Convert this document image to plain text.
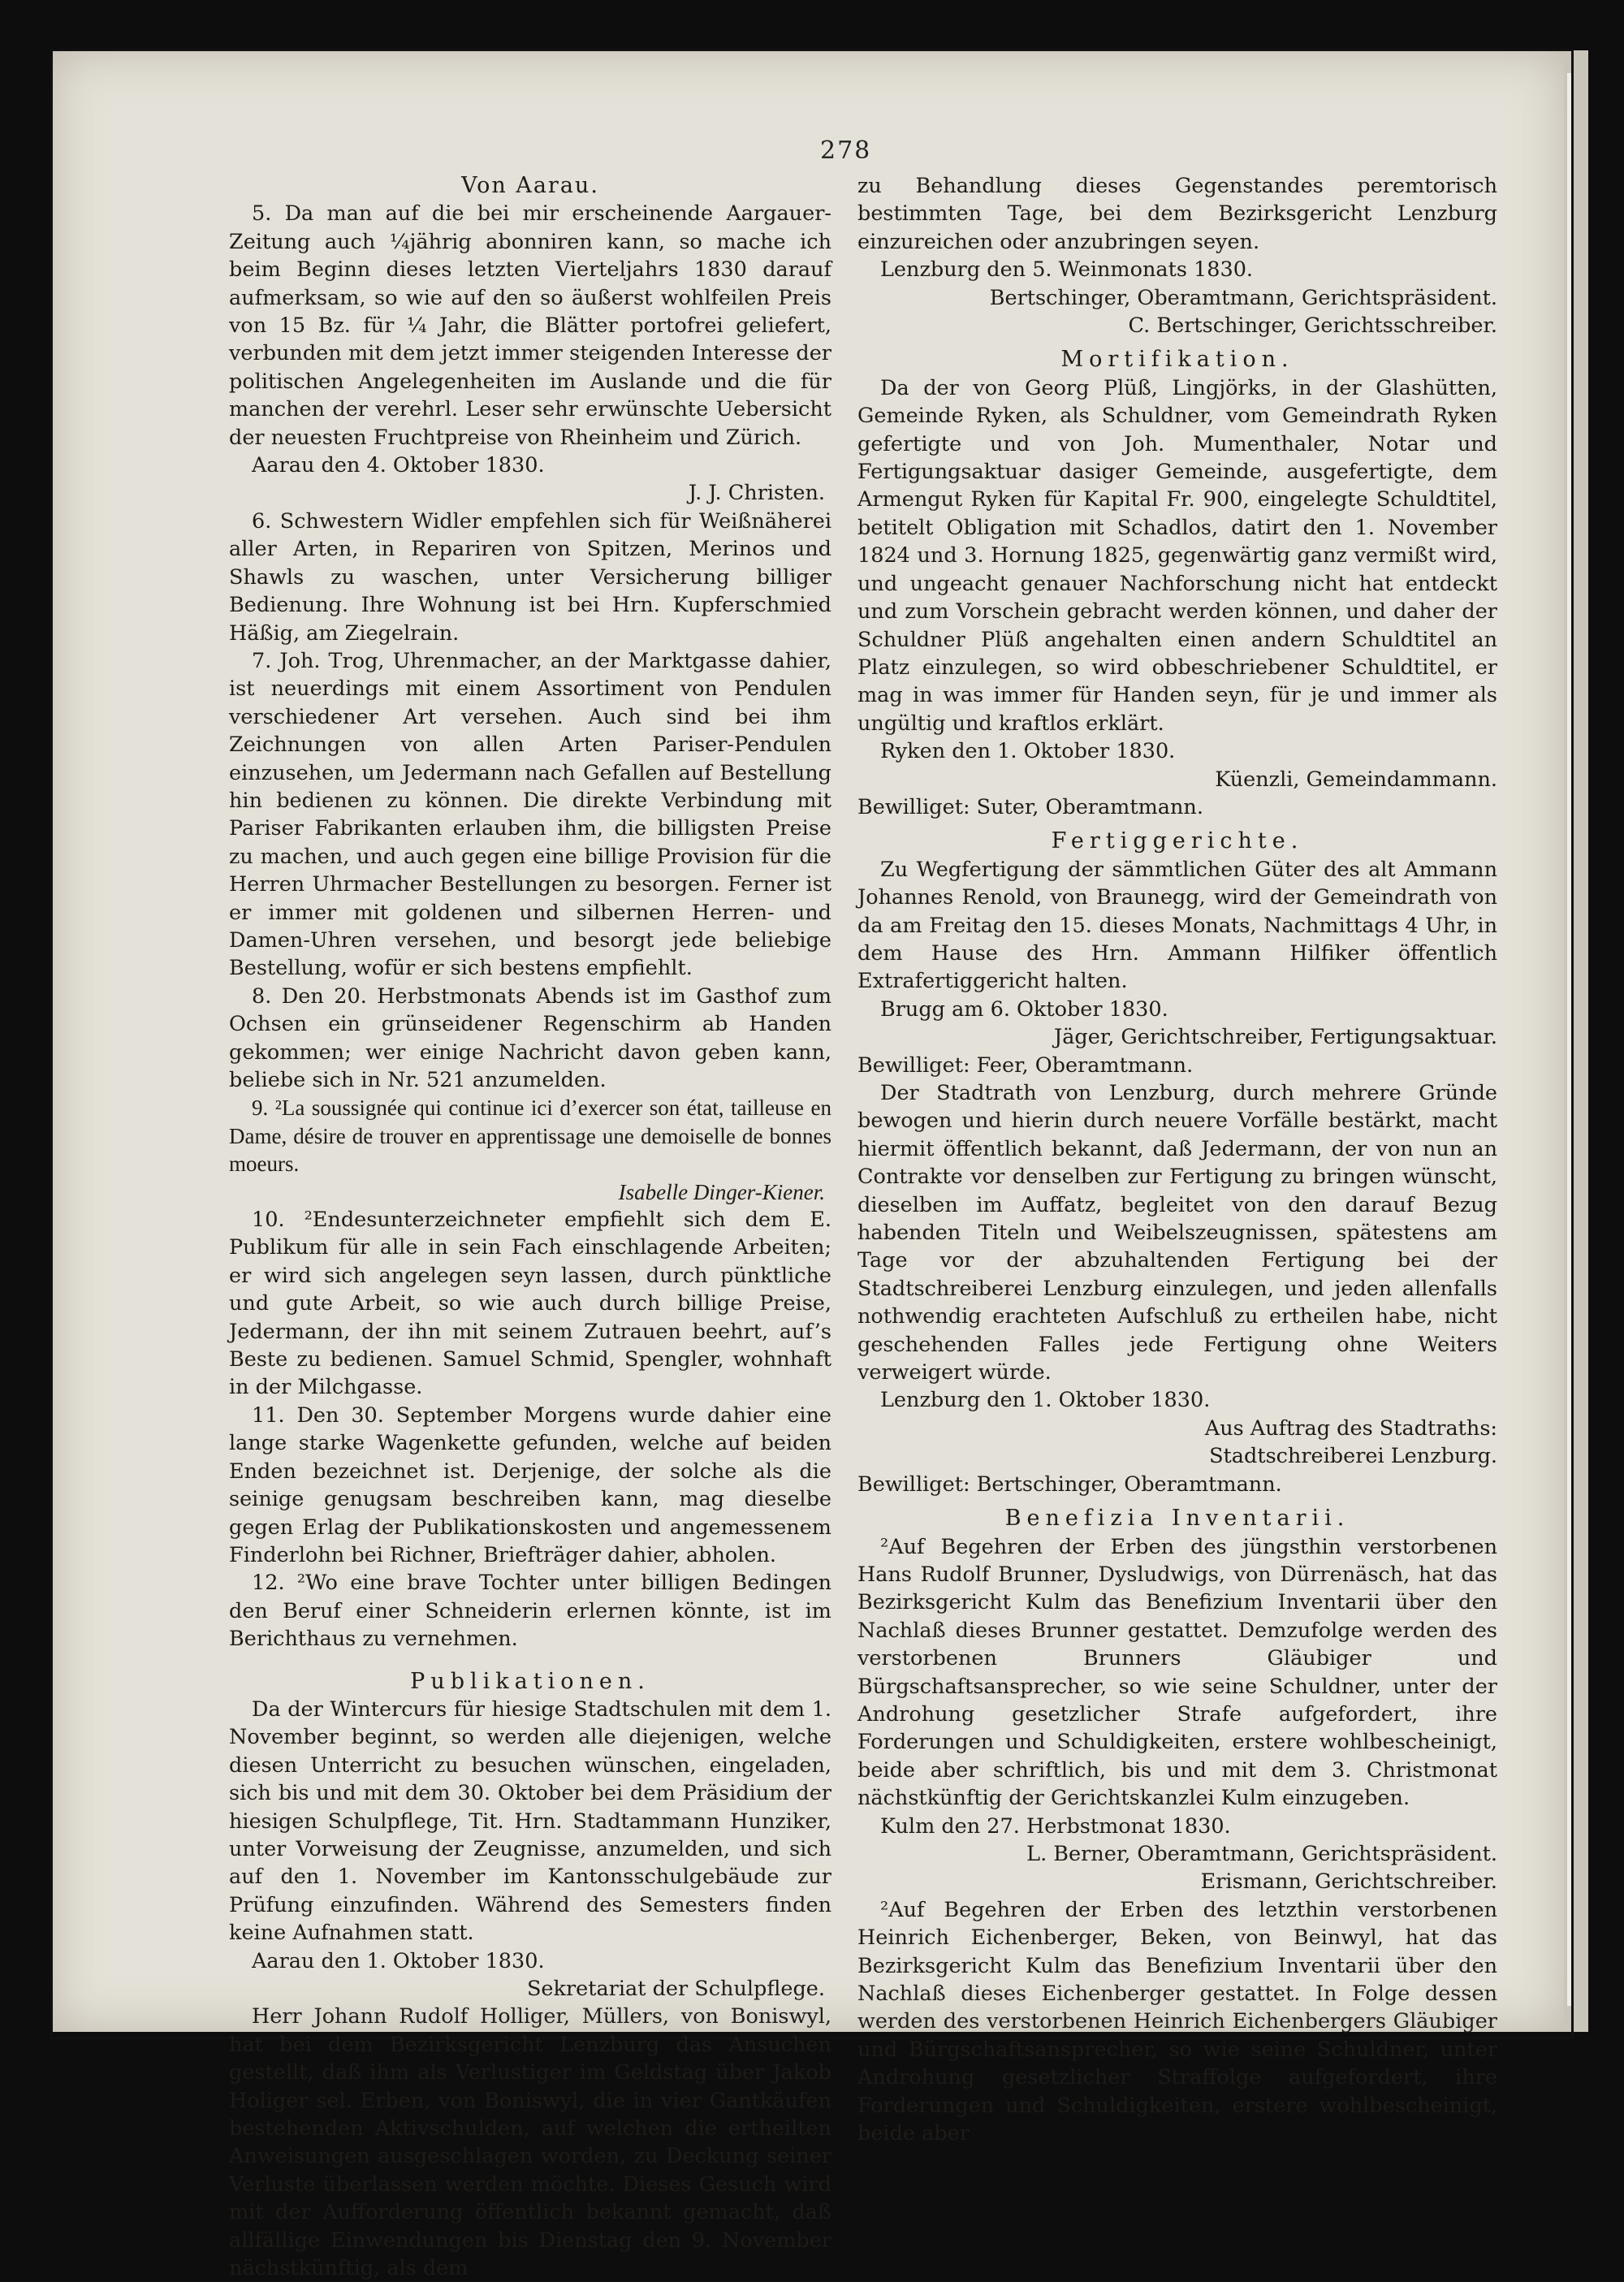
278

Von Aarau.

5. Da man auf die bei mir erscheinende Aargauer-Zeitung auch ¼jährig abonniren kann, so mache ich beim Beginn dieses letzten Vierteljahrs 1830 darauf aufmerksam, so wie auf den so äußerst wohlfeilen Preis von 15 Bz. für ¼ Jahr, die Blätter portofrei geliefert, verbunden mit dem jetzt immer steigenden Interesse der politischen Angelegenheiten im Auslande und die für manchen der verehrl. Leser sehr erwünschte Uebersicht der neuesten Fruchtpreise von Rheinheim und Zürich.

Aarau den 4. Oktober 1830.

J. J. Christen.

6. Schwestern Widler empfehlen sich für Weißnäherei aller Arten, in Repariren von Spitzen, Merinos und Shawls zu waschen, unter Versicherung billiger Bedienung. Ihre Wohnung ist bei Hrn. Kupferschmied Häßig, am Ziegelrain.

7. Joh. Trog, Uhrenmacher, an der Marktgasse dahier, ist neuerdings mit einem Assortiment von Pendulen verschiedener Art versehen. Auch sind bei ihm Zeichnungen von allen Arten Pariser-Pendulen einzusehen, um Jedermann nach Gefallen auf Bestellung hin bedienen zu können. Die direkte Verbindung mit Pariser Fabrikanten erlauben ihm, die billigsten Preise zu machen, und auch gegen eine billige Provision für die Herren Uhrmacher Bestellungen zu besorgen. Ferner ist er immer mit goldenen und silbernen Herren- und Damen-Uhren versehen, und besorgt jede beliebige Bestellung, wofür er sich bestens empfiehlt.

8. Den 20. Herbstmonats Abends ist im Gasthof zum Ochsen ein grünseidener Regenschirm ab Handen gekommen; wer einige Nachricht davon geben kann, beliebe sich in Nr. 521 anzumelden.

9. ²La soussignée qui continue ici d’exercer son état, tailleuse en Dame, désire de trouver en apprentissage une demoiselle de bonnes moeurs.

Isabelle Dinger-Kiener.

10. ²Endesunterzeichneter empfiehlt sich dem E. Publikum für alle in sein Fach einschlagende Arbeiten; er wird sich angelegen seyn lassen, durch pünktliche und gute Arbeit, so wie auch durch billige Preise, Jedermann, der ihn mit seinem Zutrauen beehrt, auf’s Beste zu bedienen. Samuel Schmid, Spengler, wohnhaft in der Milchgasse.

11. Den 30. September Morgens wurde dahier eine lange starke Wagenkette gefunden, welche auf beiden Enden bezeichnet ist. Derjenige, der solche als die seinige genugsam beschreiben kann, mag dieselbe gegen Erlag der Publikationskosten und angemessenem Finderlohn bei Richner, Briefträger dahier, abholen.

12. ²Wo eine brave Tochter unter billigen Bedingen den Beruf einer Schneiderin erlernen könnte, ist im Berichthaus zu vernehmen.

Publikationen.

Da der Wintercurs für hiesige Stadtschulen mit dem 1. November beginnt, so werden alle diejenigen, welche diesen Unterricht zu besuchen wünschen, eingeladen, sich bis und mit dem 30. Oktober bei dem Präsidium der hiesigen Schulpflege, Tit. Hrn. Stadtammann Hunziker, unter Vorweisung der Zeugnisse, anzumelden, und sich auf den 1. November im Kantonsschulgebäude zur Prüfung einzufinden. Während des Semesters finden keine Aufnahmen statt.

Aarau den 1. Oktober 1830.

Sekretariat der Schulpflege.

Herr Johann Rudolf Holliger, Müllers, von Boniswyl, hat bei dem Bezirksgericht Lenzburg das Ansuchen gestellt, daß ihm als Verlustiger im Geldstag über Jakob Holiger sel. Erben, von Boniswyl, die in vier Gantkäufen bestehenden Aktivschulden, auf welchen die ertheilten Anweisungen ausgeschlagen worden, zu Deckung seiner Verluste überlassen werden möchte. Dieses Gesuch wird mit der Aufforderung öffentlich bekannt gemacht, daß allfällige Einwendungen bis Dienstag den 9. November nächstkünftig, als dem

zu Behandlung dieses Gegenstandes peremtorisch bestimmten Tage, bei dem Bezirksgericht Lenzburg einzureichen oder anzubringen seyen.

Lenzburg den 5. Weinmonats 1830.

Bertschinger, Oberamtmann, Gerichtspräsident.

C. Bertschinger, Gerichtsschreiber.

Mortifikation.

Da der von Georg Plüß, Lingjörks, in der Glashütten, Gemeinde Ryken, als Schuldner, vom Gemeindrath Ryken gefertigte und von Joh. Mumenthaler, Notar und Fertigungsaktuar dasiger Gemeinde, ausgefertigte, dem Armengut Ryken für Kapital Fr. 900, eingelegte Schuldtitel, betitelt Obligation mit Schadlos, datirt den 1. November 1824 und 3. Hornung 1825, gegenwärtig ganz vermißt wird, und ungeacht genauer Nachforschung nicht hat entdeckt und zum Vorschein gebracht werden können, und daher der Schuldner Plüß angehalten einen andern Schuldtitel an Platz einzulegen, so wird obbeschriebener Schuldtitel, er mag in was immer für Handen seyn, für je und immer als ungültig und kraftlos erklärt.

Ryken den 1. Oktober 1830.

Küenzli, Gemeindammann.

Bewilliget: Suter, Oberamtmann.

Fertiggerichte.

Zu Wegfertigung der sämmtlichen Güter des alt Ammann Johannes Renold, von Braunegg, wird der Gemeindrath von da am Freitag den 15. dieses Monats, Nachmittags 4 Uhr, in dem Hause des Hrn. Ammann Hilfiker öffentlich Extrafertiggericht halten.

Brugg am 6. Oktober 1830.

Jäger, Gerichtschreiber, Fertigungsaktuar.

Bewilliget: Feer, Oberamtmann.

Der Stadtrath von Lenzburg, durch mehrere Gründe bewogen und hierin durch neuere Vorfälle bestärkt, macht hiermit öffentlich bekannt, daß Jedermann, der von nun an Contrakte vor denselben zur Fertigung zu bringen wünscht, dieselben im Auffatz, begleitet von den darauf Bezug habenden Titeln und Weibelszeugnissen, spätestens am Tage vor der abzuhaltenden Fertigung bei der Stadtschreiberei Lenzburg einzulegen, und jeden allenfalls nothwendig erachteten Aufschluß zu ertheilen habe, nicht geschehenden Falles jede Fertigung ohne Weiters verweigert würde.

Lenzburg den 1. Oktober 1830.

Aus Auftrag des Stadtraths:

Stadtschreiberei Lenzburg.

Bewilliget: Bertschinger, Oberamtmann.

Benefizia Inventarii.

²Auf Begehren der Erben des jüngsthin verstorbenen Hans Rudolf Brunner, Dysludwigs, von Dürrenäsch, hat das Bezirksgericht Kulm das Benefizium Inventarii über den Nachlaß dieses Brunner gestattet. Demzufolge werden des verstorbenen Brunners Gläubiger und Bürgschaftsansprecher, so wie seine Schuldner, unter der Androhung gesetzlicher Strafe aufgefordert, ihre Forderungen und Schuldigkeiten, erstere wohlbescheinigt, beide aber schriftlich, bis und mit dem 3. Christmonat nächstkünftig der Gerichtskanzlei Kulm einzugeben.

Kulm den 27. Herbstmonat 1830.

L. Berner, Oberamtmann, Gerichtspräsident.

Erismann, Gerichtschreiber.

²Auf Begehren der Erben des letzthin verstorbenen Heinrich Eichenberger, Beken, von Beinwyl, hat das Bezirksgericht Kulm das Benefizium Inventarii über den Nachlaß dieses Eichenberger gestattet. In Folge dessen werden des verstorbenen Heinrich Eichenbergers Gläubiger und Bürgschaftsansprecher, so wie seine Schuldner, unter Androhung gesetzlicher Straffolge aufgefordert, ihre Forderungen und Schuldigkeiten, erstere wohlbescheinigt, beide aber
